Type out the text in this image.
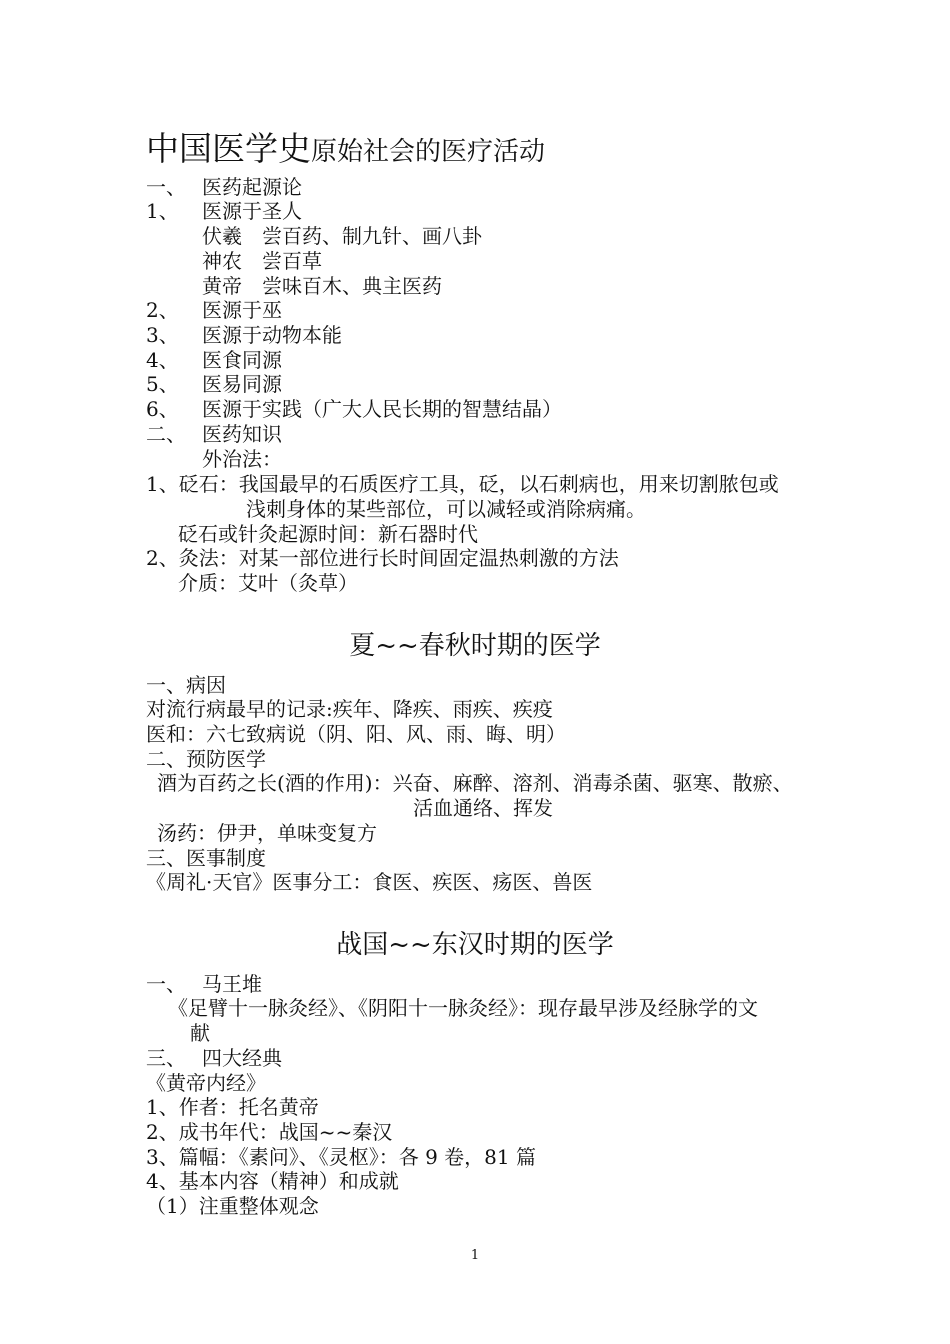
中国医学史原始社会的医疗活动
一、 医药起源论
1、 医源于圣人
伏羲　尝百药、制九针、画八卦
神农　尝百草
黄帝　尝味百木、典主医药
2、 医源于巫
3、 医源于动物本能
4、 医食同源
5、 医易同源
6、 医源于实践（广大人民长期的智慧结晶）
二、 医药知识
外治法：
1、砭石：我国最早的石质医疗工具，砭，以石刺病也，用来切割脓包或
浅刺身体的某些部位，可以减轻或消除病痛。
砭石或针灸起源时间：新石器时代
2、灸法：对某一部位进行长时间固定温热刺激的方法
介质：艾叶（灸草）
夏~~春秋时期的医学
一、病因
对流行病最早的记录:疾年、降疾、雨疾、疾疫
医和：六七致病说（阴、阳、风、雨、晦、明）
二、预防医学
酒为百药之长(酒的作用)：兴奋、麻醉、溶剂、消毒杀菌、驱寒、散瘀、
活血通络、挥发
汤药：伊尹，单味变复方
三、医事制度
《周礼·天官》医事分工：食医、疾医、疡医、兽医
战国~~东汉时期的医学
一、 马王堆
《足臂十一脉灸经》、《阴阳十一脉灸经》：现存最早涉及经脉学的文
献
三、 四大经典
《黄帝内经》
1、作者：托名黄帝
2、成书年代：战国~~秦汉
3、篇幅：《素问》、《灵枢》：各 9 卷，81 篇
4、基本内容（精神）和成就
（1）注重整体观念
1
